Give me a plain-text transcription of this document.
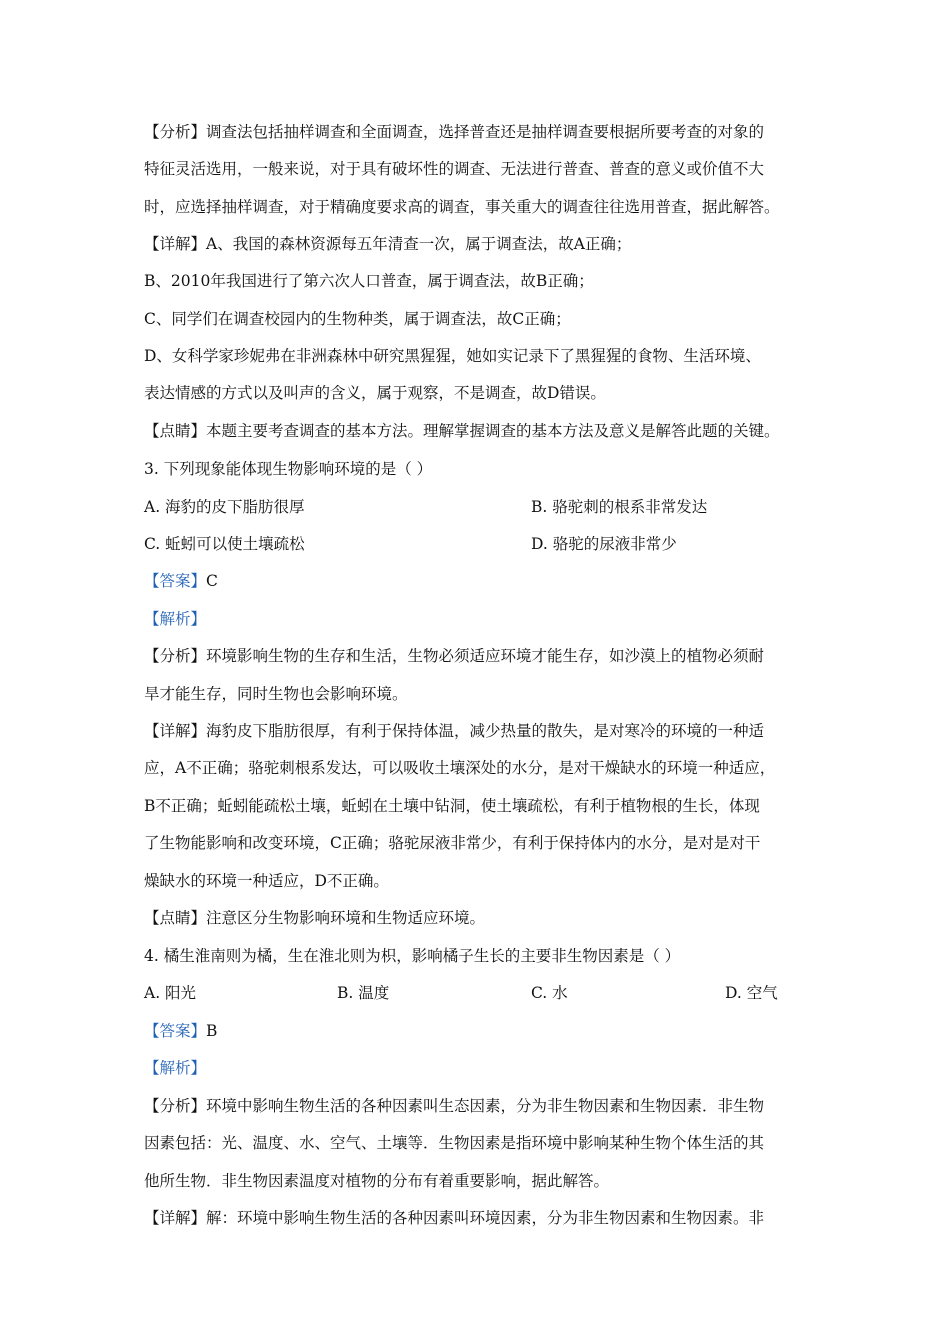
【分析】调查法包括抽样调查和全面调查，选择普查还是抽样调查要根据所要考查的对象的
特征灵活选用，一般来说，对于具有破坏性的调查、无法进行普查、普查的意义或价值不大
时，应选择抽样调查，对于精确度要求高的调查，事关重大的调查往往选用普查，据此解答。
【详解】A、我国的森林资源每五年清查一次，属于调查法，故A正确；
B、2010年我国进行了第六次人口普查，属于调查法，故B正确；
C、同学们在调查校园内的生物种类，属于调查法，故C正确；
D、女科学家珍妮弗在非洲森林中研究黑猩猩，她如实记录下了黑猩猩的食物、生活环境、
表达情感的方式以及叫声的含义，属于观察，不是调查，故D错误。
【点睛】本题主要考查调查的基本方法。理解掌握调查的基本方法及意义是解答此题的关键。
3. 下列现象能体现生物影响环境的是（ ）
A. 海豹的皮下脂肪很厚	B. 骆驼刺的根系非常发达
C. 蚯蚓可以使土壤疏松	D. 骆驼的尿液非常少
【答案】C
【解析】
【分析】环境影响生物的生存和生活，生物必须适应环境才能生存，如沙漠上的植物必须耐
旱才能生存，同时生物也会影响环境。
【详解】海豹皮下脂肪很厚，有利于保持体温，减少热量的散失，是对寒冷的环境的一种适
应，A不正确；骆驼刺根系发达，可以吸收土壤深处的水分，是对干燥缺水的环境一种适应，
B不正确；蚯蚓能疏松土壤，蚯蚓在土壤中钻洞，使土壤疏松，有利于植物根的生长，体现
了生物能影响和改变环境，C正确；骆驼尿液非常少，有利于保持体内的水分，是对是对干
燥缺水的环境一种适应，D不正确。
【点睛】注意区分生物影响环境和生物适应环境。
4. 橘生淮南则为橘，生在淮北则为枳，影响橘子生长的主要非生物因素是（ ）
A. 阳光	B. 温度	C. 水	D. 空气
【答案】B
【解析】
【分析】环境中影响生物生活的各种因素叫生态因素，分为非生物因素和生物因素．非生物
因素包括：光、温度、水、空气、土壤等．生物因素是指环境中影响某种生物个体生活的其
他所生物．非生物因素温度对植物的分布有着重要影响，据此解答。
【详解】解：环境中影响生物生活的各种因素叫环境因素，分为非生物因素和生物因素。非
